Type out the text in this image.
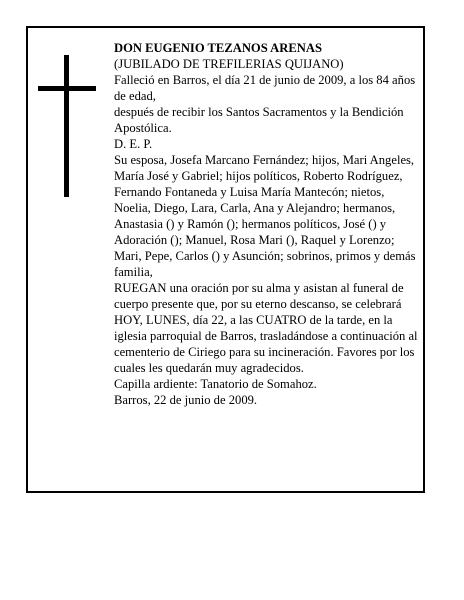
DON EUGENIO TEZANOS ARENAS

(JUBILADO DE TREFILERIAS QUIJANO)

Falleció en Barros, el día 21 de junio de 2009, a los 84 años de edad,

después de recibir los Santos Sacramentos y la Bendición Apostólica.

D. E. P.

Su esposa, Josefa Marcano Fernández; hijos, Mari Angeles, María José y Gabriel; hijos políticos, Roberto Rodríguez, Fernando Fontaneda y Luisa María Mantecón; nietos, Noelia, Diego, Lara, Carla, Ana y Alejandro; hermanos, Anastasia () y Ramón (); hermanos políticos, José () y Adoración (); Manuel, Rosa Mari (), Raquel y Lorenzo; Mari, Pepe, Carlos () y Asunción; sobrinos, primos y demás familia,

RUEGAN una oración por su alma y asistan al funeral de cuerpo presente que, por su eterno descanso, se celebrará HOY, LUNES, día 22, a las CUATRO de la tarde, en la iglesia parroquial de Barros, trasladándose a continuación al cementerio de Ciriego para su incineración. Favores por los cuales les quedarán muy agradecidos.

Capilla ardiente: Tanatorio de Somahoz.

Barros, 22 de junio de 2009.
